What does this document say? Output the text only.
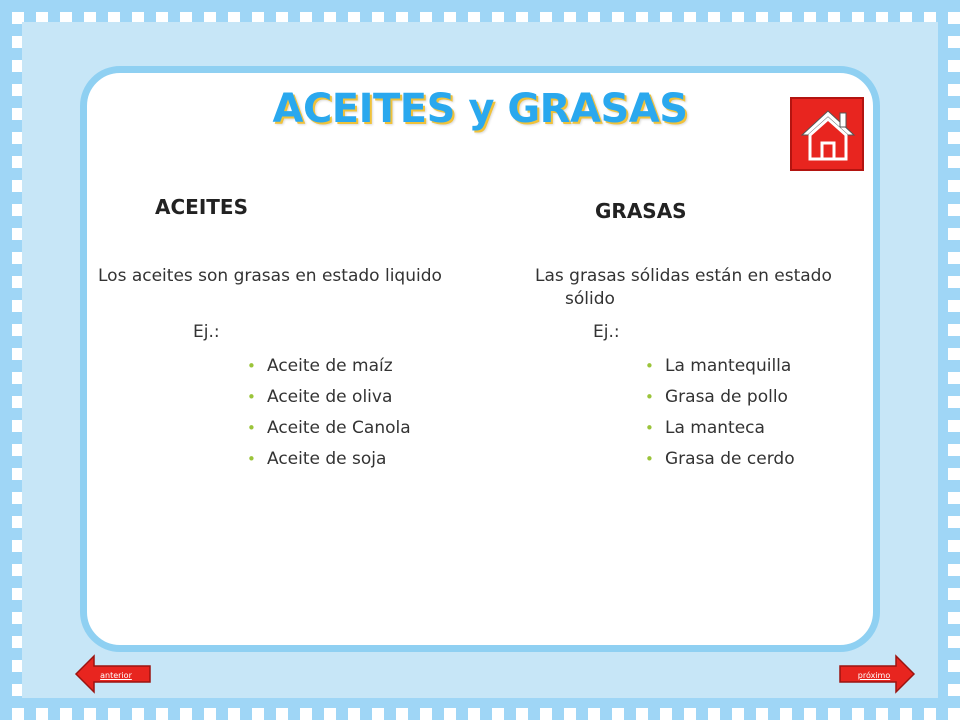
ACEITES y GRASAS
ACEITES
Los aceites son grasas en estado liquido
Ej.:
• Aceite de maíz
• Aceite de oliva
• Aceite de Canola
• Aceite de soja
GRASAS
Las grasas sólidas están en estado sólido
Ej.:
• La mantequilla
• Grasa de pollo
• La manteca
• Grasa de cerdo
anterior	próximo
